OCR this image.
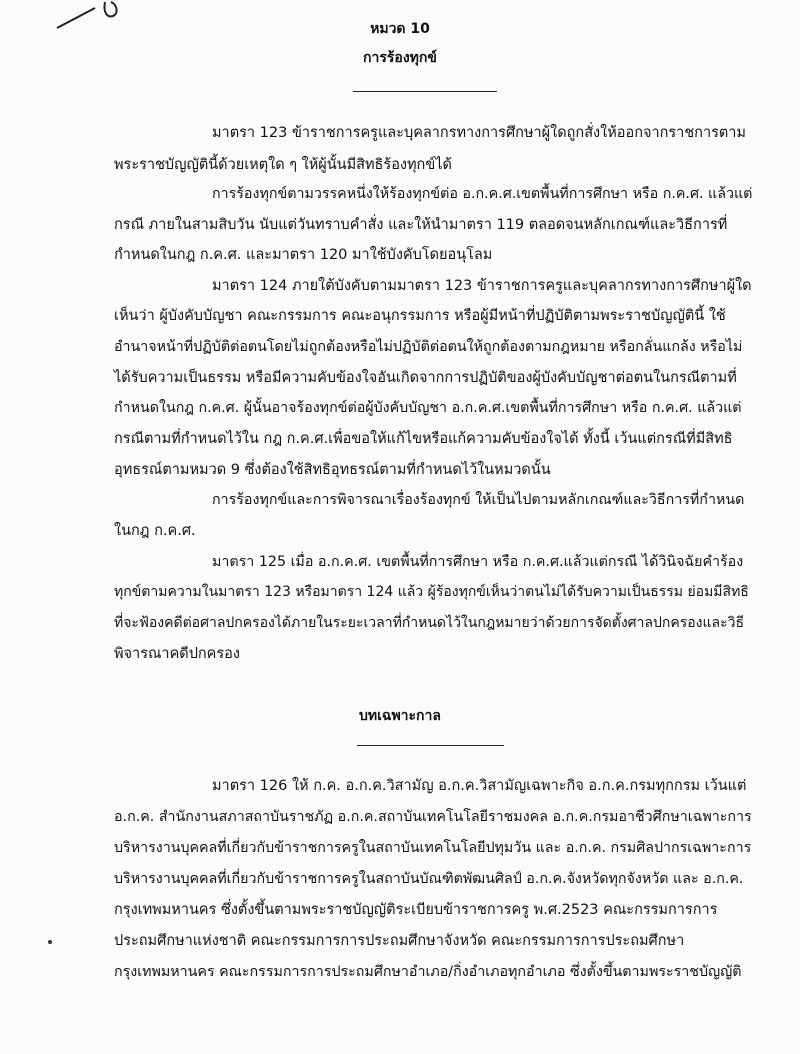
หมวด 10
การร้องทุกข์
มาตรา 123 ข้าราชการครูและบุคลากรทางการศึกษาผู้ใดถูกสั่งให้ออกจากราชการตาม
พระราชบัญญัตินี้ด้วยเหตุใด ๆ ให้ผู้นั้นมีสิทธิร้องทุกข์ได้
การร้องทุกข์ตามวรรคหนึ่งให้ร้องทุกข์ต่อ อ.ก.ค.ศ.เขตพื้นที่การศึกษา หรือ ก.ค.ศ. แล้วแต่
กรณี ภายในสามสิบวัน นับแต่วันทราบคำสั่ง และให้นำมาตรา 119 ตลอดจนหลักเกณฑ์และวิธีการที่
กำหนดในกฎ ก.ค.ศ. และมาตรา 120 มาใช้บังคับโดยอนุโลม
มาตรา 124 ภายใต้บังคับตามมาตรา 123 ข้าราชการครูและบุคลากรทางการศึกษาผู้ใด
เห็นว่า ผู้บังคับบัญชา คณะกรรมการ คณะอนุกรรมการ หรือผู้มีหน้าที่ปฏิบัติตามพระราชบัญญัตินี้ ใช้
อำนาจหน้าที่ปฏิบัติต่อตนโดยไม่ถูกต้องหรือไม่ปฏิบัติต่อตนให้ถูกต้องตามกฎหมาย หรือกลั่นแกล้ง หรือไม่
ได้รับความเป็นธรรม หรือมีความคับข้องใจอันเกิดจากการปฏิบัติของผู้บังคับบัญชาต่อตนในกรณีตามที่
กำหนดในกฎ ก.ค.ศ. ผู้นั้นอาจร้องทุกข์ต่อผู้บังคับบัญชา อ.ก.ค.ศ.เขตพื้นที่การศึกษา หรือ ก.ค.ศ. แล้วแต่
กรณีตามที่กำหนดไว้ใน กฎ ก.ค.ศ.เพื่อขอให้แก้ไขหรือแก้ความคับข้องใจได้ ทั้งนี้ เว้นแต่กรณีที่มีสิทธิ
อุทธรณ์ตามหมวด 9 ซึ่งต้องใช้สิทธิอุทธรณ์ตามที่กำหนดไว้ในหมวดนั้น
การร้องทุกข์และการพิจารณาเรื่องร้องทุกข์ ให้เป็นไปตามหลักเกณฑ์และวิธีการที่กำหนด
ในกฎ ก.ค.ศ.
มาตรา 125 เมื่อ อ.ก.ค.ศ. เขตพื้นที่การศึกษา หรือ ก.ค.ศ.แล้วแต่กรณี ได้วินิจฉัยคำร้อง
ทุกข์ตามความในมาตรา 123 หรือมาตรา 124 แล้ว ผู้ร้องทุกข์เห็นว่าตนไม่ได้รับความเป็นธรรม ย่อมมีสิทธิ
ที่จะฟ้องคดีต่อศาลปกครองได้ภายในระยะเวลาที่กำหนดไว้ในกฎหมายว่าด้วยการจัดตั้งศาลปกครองและวิธี
พิจารณาคดีปกครอง
บทเฉพาะกาล
มาตรา 126 ให้ ก.ค. อ.ก.ค.วิสามัญ อ.ก.ค.วิสามัญเฉพาะกิจ อ.ก.ค.กรมทุกกรม เว้นแต่
อ.ก.ค. สำนักงานสภาสถาบันราชภัฏ อ.ก.ค.สถาบันเทคโนโลยีราชมงคล อ.ก.ค.กรมอาชีวศึกษาเฉพาะการ
บริหารงานบุคคลที่เกี่ยวกับข้าราชการครูในสถาบันเทคโนโลยีปทุมวัน และ อ.ก.ค. กรมศิลปากรเฉพาะการ
บริหารงานบุคคลที่เกี่ยวกับข้าราชการครูในสถาบันบัณฑิตพัฒนศิลป์ อ.ก.ค.จังหวัดทุกจังหวัด และ อ.ก.ค.
กรุงเทพมหานคร ซึ่งตั้งขึ้นตามพระราชบัญญัติระเบียบข้าราชการครู พ.ศ.2523 คณะกรรมการการ
ประถมศึกษาแห่งชาติ คณะกรรมการการประถมศึกษาจังหวัด คณะกรรมการการประถมศึกษา
กรุงเทพมหานคร คณะกรรมการการประถมศึกษาอำเภอ/กิ่งอำเภอทุกอำเภอ ซึ่งตั้งขึ้นตามพระราชบัญญัติ
